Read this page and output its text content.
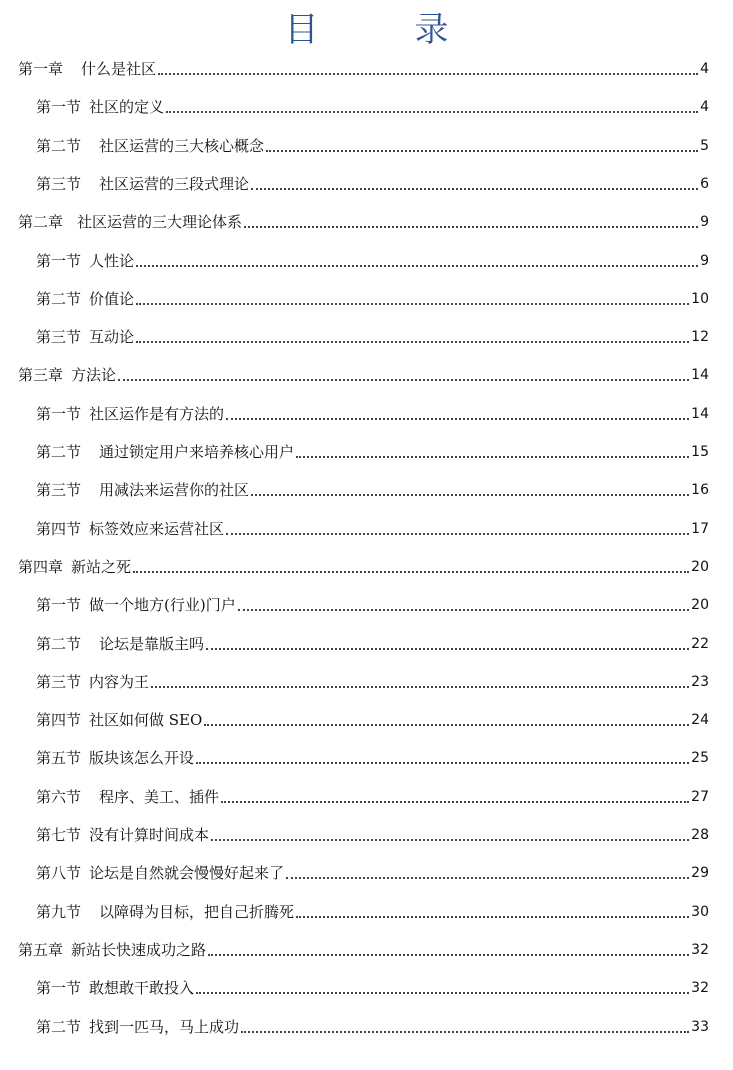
目	录
第一章 什么是社区	4
第一节 社区的定义	4
第二节 社区运营的三大核心概念	5
第三节 社区运营的三段式理论	6
第二章 社区运营的三大理论体系	9
第一节 人性论	9
第二节 价值论	10
第三节 互动论	12
第三章 方法论	14
第一节 社区运作是有方法的	14
第二节 通过锁定用户来培养核心用户	15
第三节 用减法来运营你的社区	16
第四节 标签效应来运营社区	17
第四章 新站之死	20
第一节 做一个地方(行业)门户	20
第二节 论坛是靠版主吗	22
第三节 内容为王	23
第四节 社区如何做 SEO	24
第五节 版块该怎么开设	25
第六节 程序、美工、插件	27
第七节 没有计算时间成本	28
第八节 论坛是自然就会慢慢好起来了	29
第九节 以障碍为目标，把自己折腾死	30
第五章 新站长快速成功之路	32
第一节 敢想敢干敢投入	32
第二节 找到一匹马，马上成功	33
